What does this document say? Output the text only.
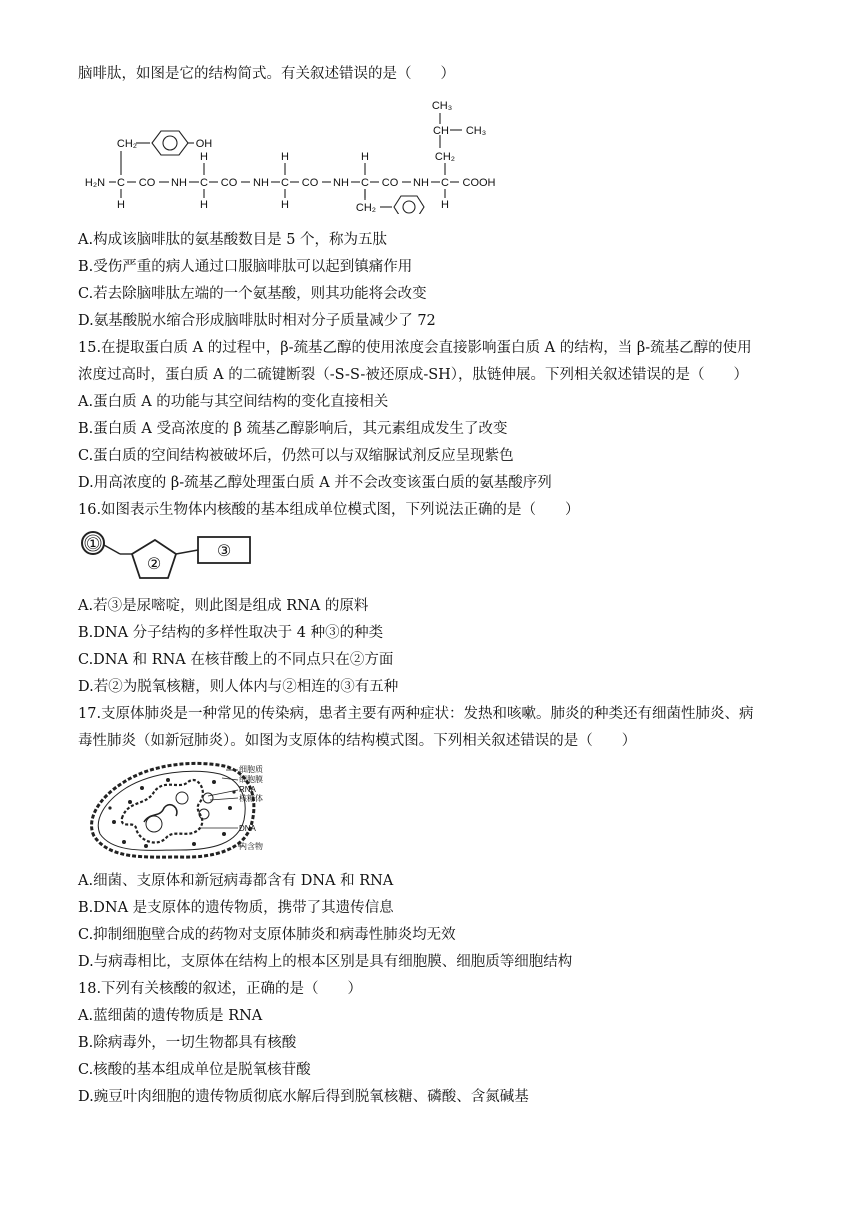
脑啡肽，如图是它的结构简式。有关叙述错误的是（　　）
H₂N C CO NH C CO NH C CO NH C CO NH C COOH
H	H	H	H
H	H	H
CH₂	OH
CH₂
CH₂
CH CH₃
CH₃
A.构成该脑啡肽的氨基酸数目是 5 个，称为五肽
B.受伤严重的病人通过口服脑啡肽可以起到镇痛作用
C.若去除脑啡肽左端的一个氨基酸，则其功能将会改变
D.氨基酸脱水缩合形成脑啡肽时相对分子质量减少了 72
15.在提取蛋白质 A 的过程中，β-巯基乙醇的使用浓度会直接影响蛋白质 A 的结构，当 β-巯基乙醇的使用
浓度过高时，蛋白质 A 的二硫键断裂（-S-S-被还原成-SH），肽链伸展。下列相关叙述错误的是（　　）
A.蛋白质 A 的功能与其空间结构的变化直接相关
B.蛋白质 A 受高浓度的 β 巯基乙醇影响后，其元素组成发生了改变
C.蛋白质的空间结构被破坏后，仍然可以与双缩脲试剂反应呈现紫色
D.用高浓度的 β-巯基乙醇处理蛋白质 A 并不会改变该蛋白质的氨基酸序列
16.如图表示生物体内核酸的基本组成单位模式图，下列说法正确的是（　　）
①
②
③
A.若③是尿嘧啶，则此图是组成 RNA 的原料
B.DNA 分子结构的多样性取决于 4 种③的种类
C.DNA 和 RNA 在核苷酸上的不同点只在②方面
D.若②为脱氧核糖，则人体内与②相连的③有五种
17.支原体肺炎是一种常见的传染病，患者主要有两种症状：发热和咳嗽。肺炎的种类还有细菌性肺炎、病
毒性肺炎（如新冠肺炎）。如图为支原体的结构模式图。下列相关叙述错误的是（　　）
细胞质
细胞膜
RNA
核糖体
DNA
内含物
A.细菌、支原体和新冠病毒都含有 DNA 和 RNA
B.DNA 是支原体的遗传物质，携带了其遗传信息
C.抑制细胞壁合成的药物对支原体肺炎和病毒性肺炎均无效
D.与病毒相比，支原体在结构上的根本区别是具有细胞膜、细胞质等细胞结构
18.下列有关核酸的叙述，正确的是（　　）
A.蓝细菌的遗传物质是 RNA
B.除病毒外，一切生物都具有核酸
C.核酸的基本组成单位是脱氧核苷酸
D.豌豆叶肉细胞的遗传物质彻底水解后得到脱氧核糖、磷酸、含氮碱基
